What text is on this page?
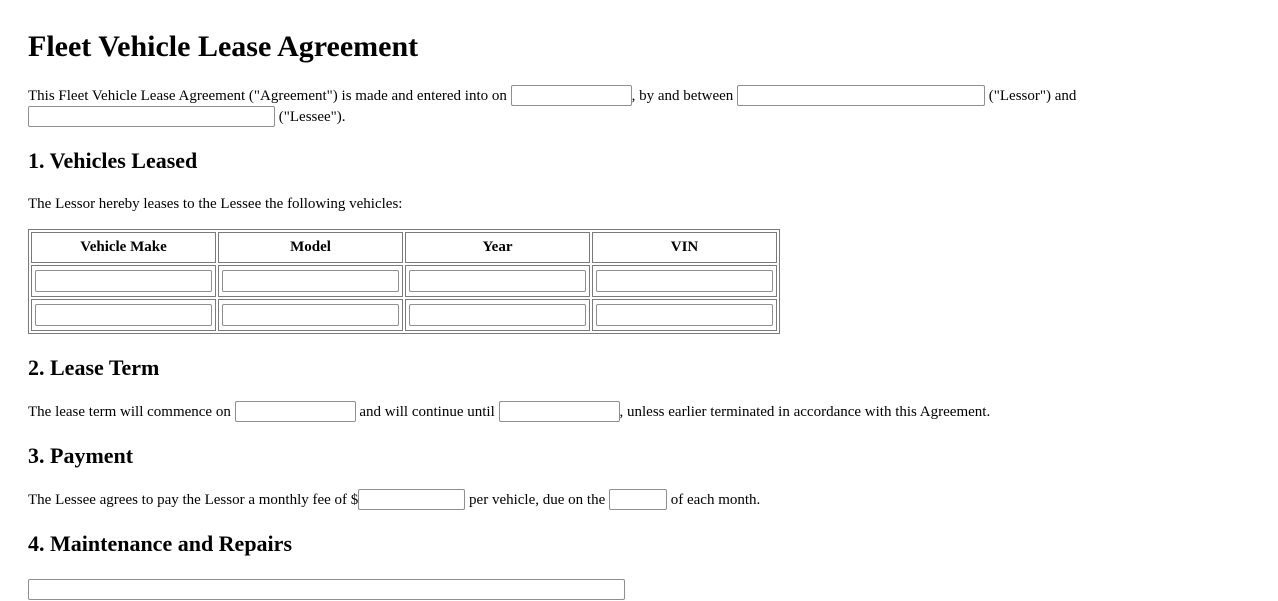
Fleet Vehicle Lease Agreement

This Fleet Vehicle Lease Agreement ("Agreement") is made and entered into on	, by and between	("Lessor") and

("Lessee").

1. Vehicles Leased

The Lessor hereby leases to the Lessee the following vehicles:

Vehicle Make	Model	Year	VIN

2. Lease Term

The lease term will commence on	and will continue until	, unless earlier terminated in accordance with this Agreement.

3. Payment

The Lessee agrees to pay the Lessor a monthly fee of $	per vehicle, due on the	of each month.

4. Maintenance and Repairs
